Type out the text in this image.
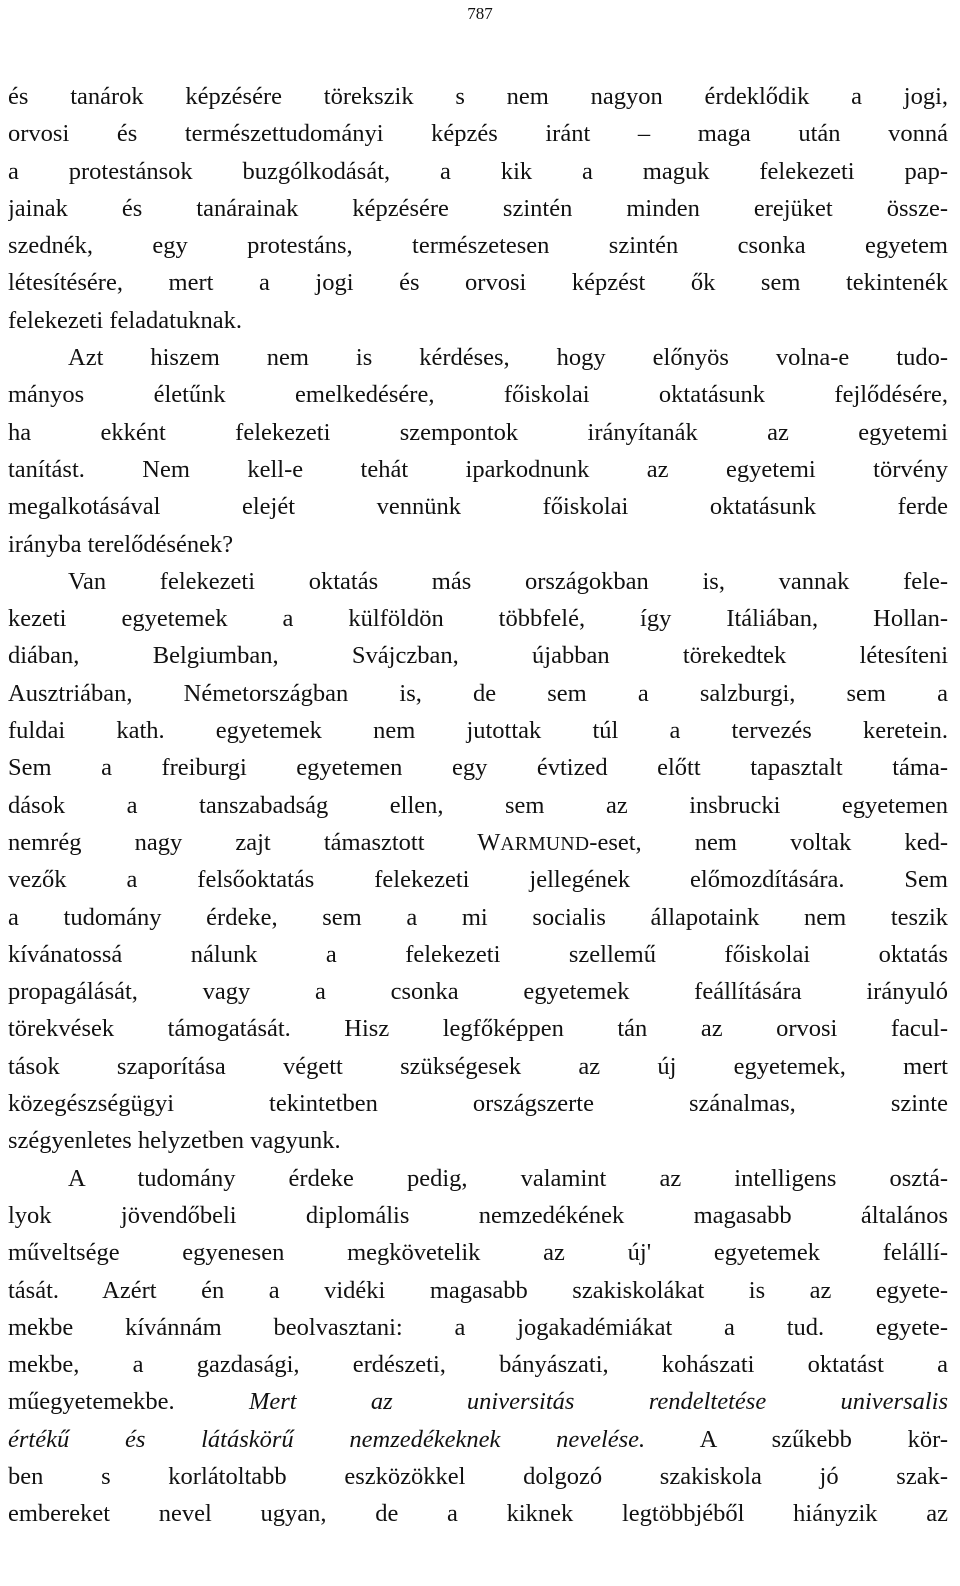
787
és tanárok képzésére törekszik s nem nagyon érdeklődik a jogi,
orvosi és természettudományi képzés iránt – maga után vonná
a protestánsok buzgólkodását, a kik a maguk felekezeti pap-
jainak és tanárainak képzésére szintén minden erejüket össze-
szednék, egy protestáns, természetesen szintén csonka egyetem
létesítésére, mert a jogi és orvosi képzést ők sem tekintenék
felekezeti feladatuknak.
Azt hiszem nem is kérdéses, hogy előnyös volna-e tudo-
mányos életűnk emelkedésére, főiskolai oktatásunk fejlődésére,
ha ekként felekezeti szempontok irányítanák az egyetemi
tanítást. Nem kell-e tehát iparkodnunk az egyetemi törvény
megalkotásával elejét vennünk főiskolai oktatásunk ferde
irányba terelődésének?
Van felekezeti oktatás más országokban is, vannak fele-
kezeti egyetemek a külföldön többfelé, így Itáliában, Hollan-
diában, Belgiumban, Svájczban, újabban törekedtek létesíteni
Ausztriában, Németországban is, de sem a salzburgi, sem a
fuldai kath. egyetemek nem jutottak túl a tervezés keretein.
Sem a freiburgi egyetemen egy évtized előtt tapasztalt táma-
dások a tanszabadság ellen, sem az insbrucki egyetemen
nemrég nagy zajt támasztott WARMUND-eset, nem voltak ked-
vezők a felsőoktatás felekezeti jellegének előmozdítására. Sem
a tudomány érdeke, sem a mi socialis állapotaink nem teszik
kívánatossá nálunk a felekezeti szellemű főiskolai oktatás
propagálását, vagy a csonka egyetemek feállítására irányuló
törekvések támogatását. Hisz legfőképpen tán az orvosi facul-
tások szaporítása végett szükségesek az új egyetemek, mert
közegészségügyi tekintetben országszerte szánalmas, szinte
szégyenletes helyzetben vagyunk.
A tudomány érdeke pedig, valamint az intelligens osztá-
lyok jövendőbeli diplomális nemzedékének magasabb általános
műveltsége egyenesen megkövetelik az új' egyetemek felállí-
tását. Azért én a vidéki magasabb szakiskolákat is az egyete-
mekbe kívánnám beolvasztani: a jogakadémiákat a tud. egyete-
mekbe, a gazdasági, erdészeti, bányászati, kohászati oktatást a
műegyetemekbe. Mert az universitás rendeltetése universalis
értékű és látáskörű nemzedékeknek nevelése. A szűkebb kör-
ben s korlátoltabb eszközökkel dolgozó szakiskola jó szak-
embereket nevel ugyan, de a kiknek legtöbbjéből hiányzik az
